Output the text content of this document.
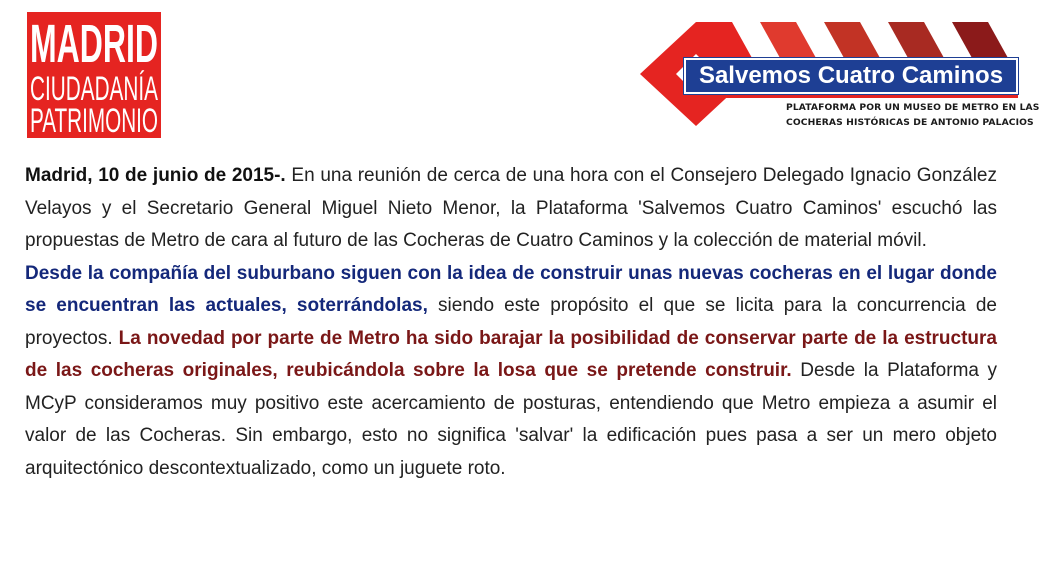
MADRID
CIUDADANÍA
PATRIMONIO
Salvemos Cuatro Caminos
PLATAFORMA POR UN MUSEO DE METRO EN LAS
COCHERAS HISTÓRICAS DE ANTONIO PALACIOS

Madrid, 10 de junio de 2015-. En una reunión de cerca de una hora con el Consejero Delegado Ignacio González Velayos y el Secretario General Miguel Nieto Menor, la Plataforma 'Salvemos Cuatro Caminos' escuchó las propuestas de Metro de cara al futuro de las Cocheras de Cuatro Caminos y la colección de material móvil.

Desde la compañía del suburbano siguen con la idea de construir unas nuevas cocheras en el lugar donde se encuentran las actuales, soterrándolas, siendo este propósito el que se licita para la concurrencia de proyectos. La novedad por parte de Metro ha sido barajar la posibilidad de conservar parte de la estructura de las cocheras originales, reubicándola sobre la losa que se pretende construir. Desde la Plataforma y MCyP consideramos muy positivo este acercamiento de posturas, entendiendo que Metro empieza a asumir el valor de las Cocheras. Sin embargo, esto no significa 'salvar' la edificación pues pasa a ser un mero objeto arquitectónico descontextualizado, como un juguete roto.
